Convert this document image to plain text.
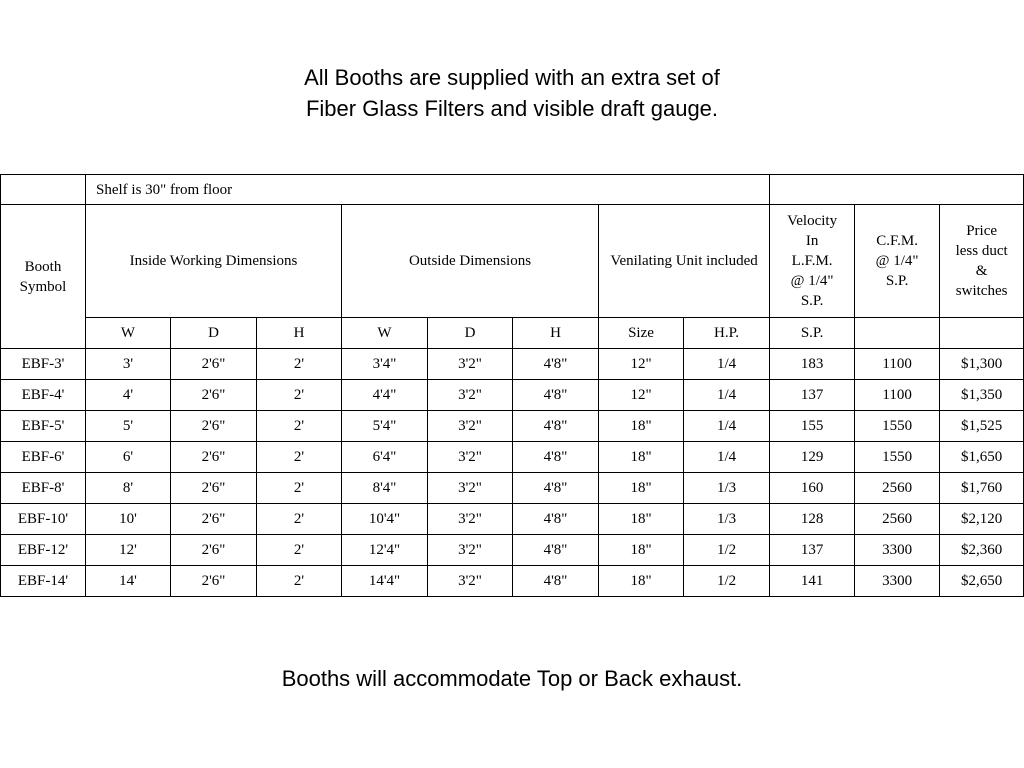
All Booths are supplied with an extra set of
Fiber Glass Filters and visible draft gauge.
	Shelf is 30" from floor										
Booth Symbol	Inside Working Dimensions			Outside Dimensions			Venilating Unit included		Velocity
In
L.F.M.
@ 1/4"
S.P.	C.F.M.
@ 1/4"
S.P.	Price
less duct
&
switches

	W	D	H	W	D	H	Size	H.P.	S.P.		
EBF-3'	3'	2'6"	2'	3'4"	3'2"	4'8"	12"	1/4	183	1100	$1,300
EBF-4'	4'	2'6"	2'	4'4"	3'2"	4'8"	12"	1/4	137	1100	$1,350
EBF-5'	5'	2'6"	2'	5'4"	3'2"	4'8"	18"	1/4	155	1550	$1,525
EBF-6'	6'	2'6"	2'	6'4"	3'2"	4'8"	18"	1/4	129	1550	$1,650
EBF-8'	8'	2'6"	2'	8'4"	3'2"	4'8"	18"	1/3	160	2560	$1,760
EBF-10'	10'	2'6"	2'	10'4"	3'2"	4'8"	18"	1/3	128	2560	$2,120
EBF-12'	12'	2'6"	2'	12'4"	3'2"	4'8"	18"	1/2	137	3300	$2,360
EBF-14'	14'	2'6"	2'	14'4"	3'2"	4'8"	18"	1/2	141	3300	$2,650
Booths will accommodate Top or Back exhaust.
